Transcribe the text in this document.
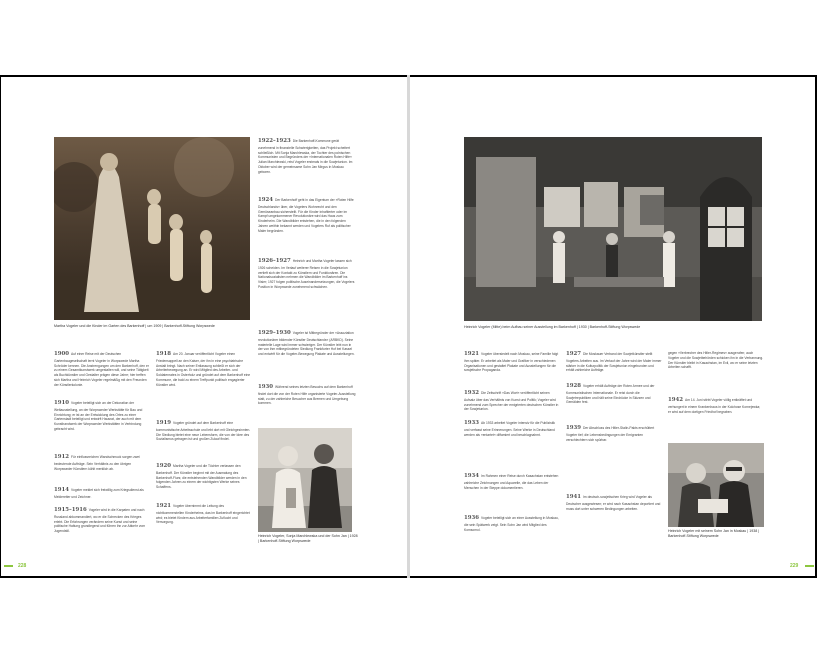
Martha Vogeler und die Kinder im Garten des Barkenhoff | um 1909 | Barkenhoff-Stiftung Worpswede
1922–1923 Die Barkenhoff-Kommune gerät zunehmend in finanzielle Schwierigkeiten, das Projekt scheitert schließlich. Mit Sonja Marchlewska, der Tochter des polnischen Kommunisten und Begründers der »Internationalen Roten Hilfe« Julian Marchlewski, reist Vogeler erstmals in die Sowjetunion. Im Oktober wird der gemeinsame Sohn Jan Mirgus in Moskau geboren.
1924 Der Barkenhoff geht in das Eigentum der »Roten Hilfe Deutschlands« über, die Vogelers Wohnrecht und den Gemüseanbau sicherstellt. Für die Kinder inhaftierter oder im Kampf umgekommener Revolutionäre wird das Haus zum Kinderheim. Die Wandbilder entstehen, die in den folgenden Jahren weithin bekannt werden und Vogelers Ruf als politischer Maler begründen.
1926–1927 Heinrich und Martha Vogeler lassen sich 1926 scheiden. Im Verlauf weiterer Reisen in die Sowjetunion vertieft sich der Kontakt zu Künstlern und Funktionären. Die Nationalsozialisten nehmen die Wandbilder im Barkenhoff ins Visier; 1927 folgen politische Auseinandersetzungen, die Vogelers Position in Worpswede zunehmend schwächen.
1929–1930 Vogeler ist Mitbegründer der »Assoziation revolutionärer bildender Künstler Deutschlands« (ARBKD). Seine materielle Lage wird immer schwieriger. Der Künstler lebt nun in der von ihm mitbegründeten Siedlung Frankfurter Hof bei Kassel und entwirft für die Vogeler-Bewegung Plakate und Ausstellungen.
1930 Während seines letzten Besuchs auf dem Barkenhoff findet dort die von der Roten Hilfe organisierte Vogeler-Ausstellung statt, zu der zahlreiche Besucher aus Bremen und Umgebung kommen.
1900 Auf einer Reise mit der Deutschen Gartenbaugesellschaft lernt Vogeler in Worpswede Martha Schröder kennen. Die Anstrengungen um den Barkenhoff, den er zu einem Gesamtkunstwerk umgestalten will, und seine Tätigkeit als Buchkünstler und Gestalter prägen diese Jahre; hier treffen sich Martha und Heinrich Vogeler regelmäßig mit den Freunden der Künstlerkolonie.
1910 Vogeler beteiligt sich an der Dekoration der Weltausstellung, an der Worpsweder Werkstätte für Bau und Einrichtung; er ist an der Entwicklung des Ortes zu einer Gartenstadt beteiligt und entwirft Hausrat, der auch mit dem Kunsthandwerk der Worpsweder Werkstätten in Verbindung gebracht wird.
1912 Für einflussreichen Wandschmuck sorgen zwei bedeutende Aufträge. Sein Verhältnis zu den übrigen Worpsweder Künstlern kühlt merklich ab.
1914 Vogeler meldet sich freiwillig zum Kriegsdienst als Meldereiter und Zeichner.
1915–1916 Vogeler wird in die Karpaten und nach Russland abkommandiert, wo er die Schrecken des Krieges erlebt. Die Erfahrungen verändern seine Kunst und seine politische Haltung grundlegend und führen ihn zur Abkehr vom Jugendstil.
1918 Am 20. Januar veröffentlicht Vogeler einen Friedensappell an den Kaiser, der ihn in eine psychiatrische Anstalt bringt. Nach seiner Entlassung schließt er sich der Arbeiterbewegung an. Er wird Mitglied des Arbeiter- und Soldatenrates in Osterholz und gründet auf dem Barkenhoff eine Kommune, die bald zu einem Treffpunkt politisch engagierter Künstler wird.
1919 Vogeler gründet auf dem Barkenhoff eine kommunistische Arbeitsschule und lebt dort mit Gleichgesinnten. Die Siedlung bietet eine neue Lebensform, die von der Idee des Sozialismus getragen ist und großen Zulauf findet.
1920 Martha Vogeler und die Töchter verlassen den Barkenhoff. Der Künstler beginnt mit der Ausmalung des Barkenhoff-Flurs; die entstehenden Wandbilder werden in den folgenden Jahren zu einem der wichtigsten Werke seines Schaffens.
1921 Vogeler übernimmt die Leitung des nichtkommerziellen Kinderheims, das im Barkenhoff eingerichtet wird; es bietet Kindern aus Arbeiterfamilien Zuflucht und Versorgung.
Heinrich Vogeler, Sonja Marchlewska und der Sohn Jan | 1928 | Barkenhoff-Stiftung Worpswede
228
Heinrich Vogeler (Mitte) beim Aufbau seiner Ausstellung im Barkenhoff | 1930 | Barkenhoff-Stiftung Worpswede
1921 Vogeler übersiedelt nach Moskau, seine Familie folgt ihm später. Er arbeitet als Maler und Grafiker in verschiedenen Organisationen und gestaltet Plakate und Ausstellungen für die sowjetische Propaganda.
1932 Die Zeitschrift »Das Wort« veröffentlicht seinen Aufsatz über das Verhältnis von Kunst und Politik; Vogeler wird zunehmend zum Sprecher der emigrierten deutschen Künstler in der Sowjetunion.
1933 Ab 1933 arbeitet Vogeler intensiv für die Publizistik und verfasst seine Erinnerungen. Seine Werke in Deutschland werden als »entartet« diffamiert und beschlagnahmt.
1934 Im Rahmen einer Reise durch Kasachstan entstehen zahlreiche Zeichnungen und Aquarelle, die das Leben der Menschen in der Steppe dokumentieren.
1936 Vogeler beteiligt sich an einer Ausstellung in Moskau, die sein Spätwerk zeigt. Sein Sohn Jan wird Mitglied des Komsomol.
1927 Die Moskauer Verband der Sowjetkünstler stellt Vogelers Arbeiten aus. Im Verlauf der Jahre wird der Maler immer stärker in die Kulturpolitik der Sowjetunion eingebunden und erhält zahlreiche Aufträge.
1928 Vogeler erhält Aufträge der Roten Armee und der Kommunistischen Internationale. Er reist durch die Sowjetrepubliken und hält seine Eindrücke in Skizzen und Gemälden fest.
1939 Der Abschluss des Hitler-Stalin-Pakts erschüttert Vogeler tief; die Lebensbedingungen der Emigranten verschlechtern sich spürbar.
1941 Im deutsch-sowjetischen Krieg wird Vogeler als Deutscher ausgewiesen; er wird nach Kasachstan deportiert und muss dort unter schweren Bedingungen arbeiten.
gegen »Verbrecher des Hitler-Regimes« ausgerufen; auch Vogeler und die Sowjetbehörden schicken ihn in die Verbannung. Der Künstler bleibt in Kasachstan, im Exil, wo er seine letzten Arbeiten schafft.
1942 Am 14. Juni stirbt Vogeler völlig entkräftet und verhungert in einem Krankenhaus in der Kolchose Kornejewka; er wird auf dem dortigen Friedhof begraben.
Heinrich Vogeler mit seinem Sohn Jan in Moskau | 1938 | Barkenhoff-Stiftung Worpswede
229
